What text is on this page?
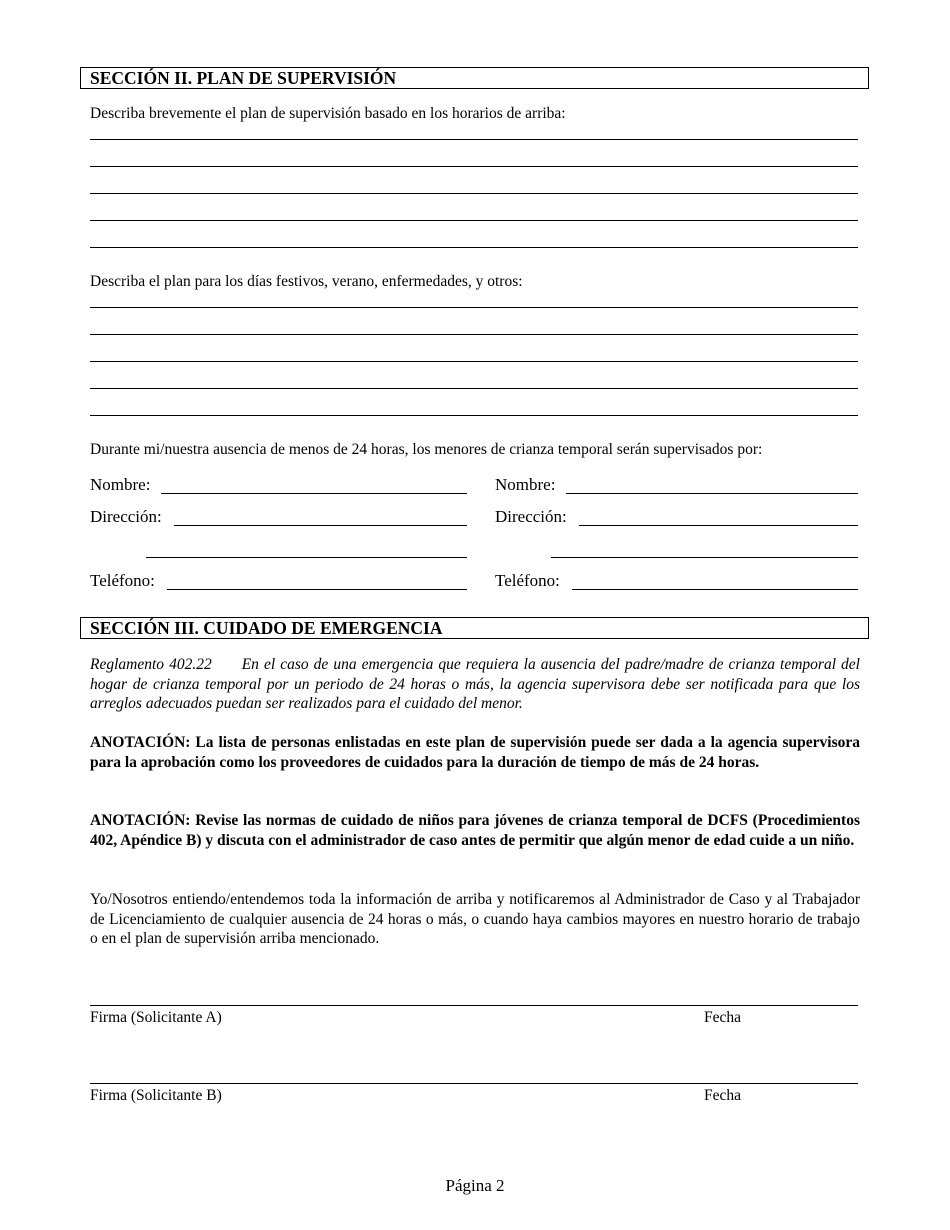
SECCIÓN II. PLAN DE SUPERVISIÓN
Describa brevemente el plan de supervisión basado en los horarios de arriba:
Describa el plan para los días festivos, verano, enfermedades, y otros:
Durante mi/nuestra ausencia de menos de 24 horas, los menores de crianza temporal serán supervisados por:
Nombre:
Dirección:
Teléfono:
Nombre:
Dirección:
Teléfono:
SECCIÓN III. CUIDADO DE EMERGENCIA
Reglamento 402.22 En el caso de una emergencia que requiera la ausencia del padre/madre de crianza temporal del hogar de crianza temporal por un periodo de 24 horas o más, la agencia supervisora debe ser notificada para que los arreglos adecuados puedan ser realizados para el cuidado del menor.
ANOTACIÓN: La lista de personas enlistadas en este plan de supervisión puede ser dada a la agencia supervisora para la aprobación como los proveedores de cuidados para la duración de tiempo de más de 24 horas.
ANOTACIÓN: Revise las normas de cuidado de niños para jóvenes de crianza temporal de DCFS (Procedimientos 402, Apéndice B) y discuta con el administrador de caso antes de permitir que algún menor de edad cuide a un niño.
Yo/Nosotros entiendo/entendemos toda la información de arriba y notificaremos al Administrador de Caso y al Trabajador de Licenciamiento de cualquier ausencia de 24 horas o más, o cuando haya cambios mayores en nuestro horario de trabajo o en el plan de supervisión arriba mencionado.
Firma (Solicitante A)	Fecha
Firma (Solicitante B)	Fecha
Página 2
